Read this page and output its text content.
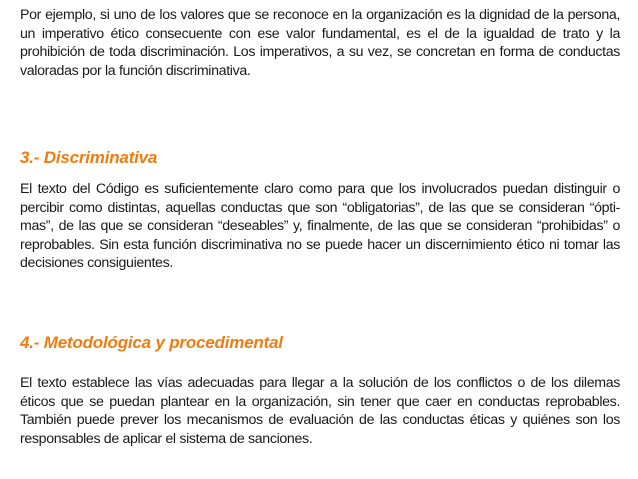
Por ejemplo, si uno de los valores que se reconoce en la organización es la dignidad de la persona, un imperativo ético consecuente con ese valor fundamental, es el de la igualdad de trato y la prohibición de toda discriminación. Los imperativos, a su vez, se concretan en forma de conductas valoradas por la función discriminativa.

3.- Discriminativa

El texto del Código es suficientemente claro como para que los involucrados puedan distinguir o percibir como distintas, aquellas conductas que son “obligatorias”, de las que se consideran “ópti-mas”, de las que se consideran “deseables” y, finalmente, de las que se consideran “prohibidas” o reprobables. Sin esta función discriminativa no se puede hacer un discernimiento ético ni tomar las decisiones consiguientes.

4.- Metodológica y procedimental

El texto establece las vías adecuadas para llegar a la solución de los conflictos o de los dilemas éticos que se puedan plantear en la organización, sin tener que caer en conductas reprobables. También puede prever los mecanismos de evaluación de las conductas éticas y quiénes son los responsables de aplicar el sistema de sanciones.
